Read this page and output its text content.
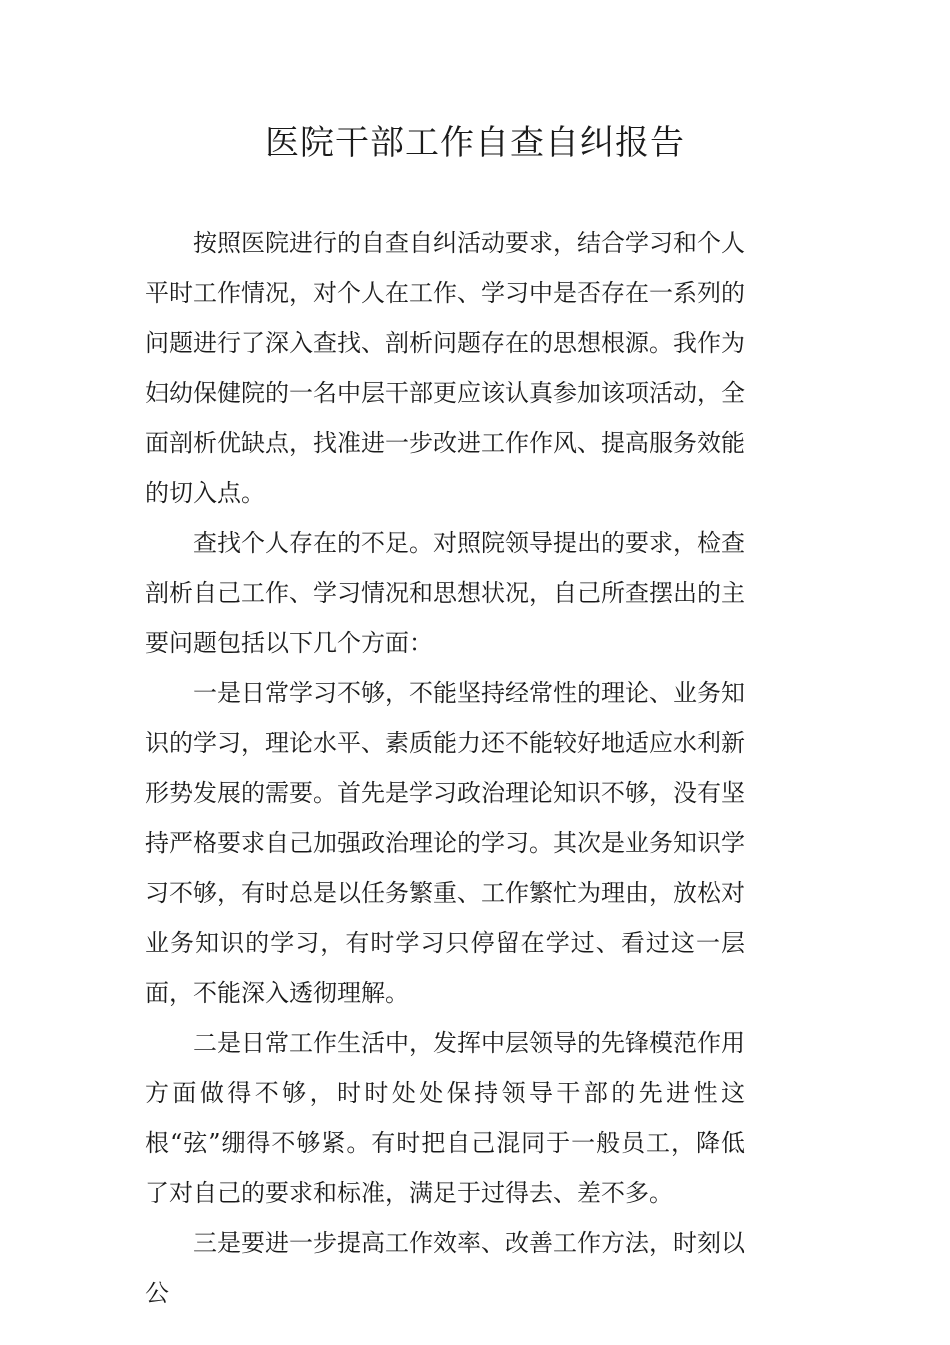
医院干部工作自查自纠报告

按照医院进行的自查自纠活动要求，结合学习和个人平时工作情况，对个人在工作、学习中是否存在一系列的问题进行了深入查找、剖析问题存在的思想根源。我作为妇幼保健院的一名中层干部更应该认真参加该项活动，全面剖析优缺点，找准进一步改进工作作风、提高服务效能的切入点。

查找个人存在的不足。对照院领导提出的要求，检查剖析自己工作、学习情况和思想状况，自己所查摆出的主要问题包括以下几个方面：

一是日常学习不够，不能坚持经常性的理论、业务知识的学习，理论水平、素质能力还不能较好地适应水利新形势发展的需要。首先是学习政治理论知识不够，没有坚持严格要求自己加强政治理论的学习。其次是业务知识学习不够，有时总是以任务繁重、工作繁忙为理由，放松对业务知识的学习，有时学习只停留在学过、看过这一层面，不能深入透彻理解。

二是日常工作生活中，发挥中层领导的先锋模范作用方面做得不够，时时处处保持领导干部的先进性这根“弦”绷得不够紧。有时把自己混同于一般员工，降低了对自己的要求和标准，满足于过得去、差不多。

三是要进一步提高工作效率、改善工作方法，时刻以公
